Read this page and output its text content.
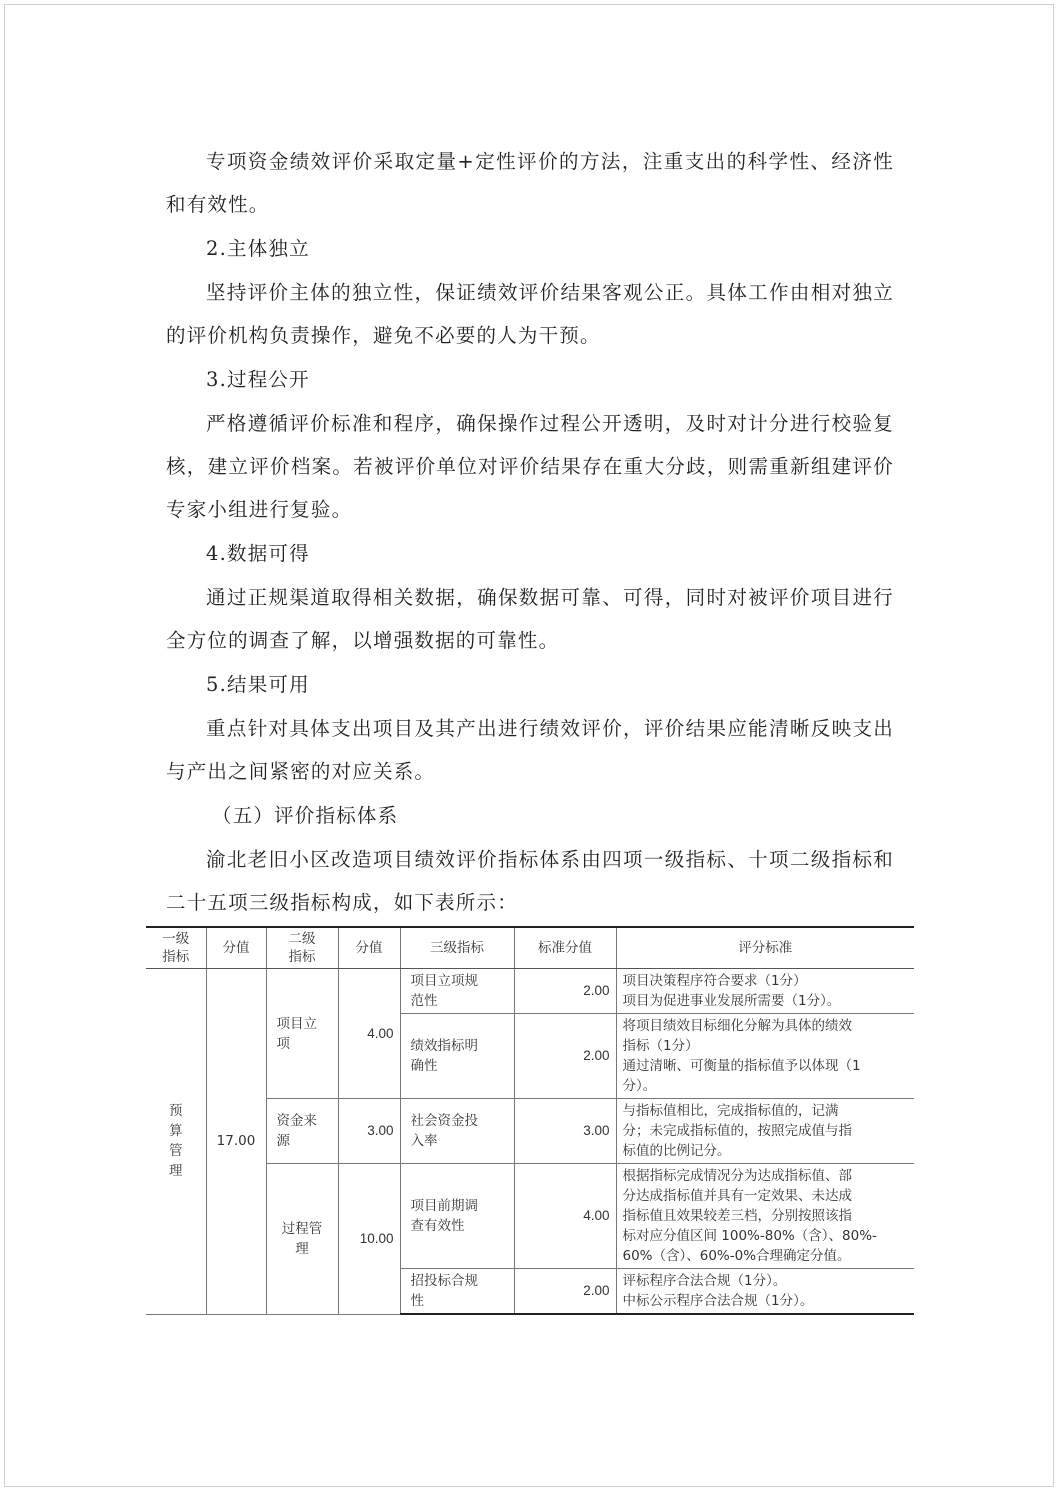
专项资金绩效评价采取定量+定性评价的方法，注重支出的科学性、经济性和有效性。

2.主体独立

坚持评价主体的独立性，保证绩效评价结果客观公正。具体工作由相对独立的评价机构负责操作，避免不必要的人为干预。

3.过程公开

严格遵循评价标准和程序，确保操作过程公开透明，及时对计分进行校验复核，建立评价档案。若被评价单位对评价结果存在重大分歧，则需重新组建评价专家小组进行复验。

4.数据可得

通过正规渠道取得相关数据，确保数据可靠、可得，同时对被评价项目进行全方位的调查了解，以增强数据的可靠性。

5.结果可用

重点针对具体支出项目及其产出进行绩效评价，评价结果应能清晰反映支出与产出之间紧密的对应关系。

（五）评价指标体系

渝北老旧小区改造项目绩效评价指标体系由四项一级指标、十项二级指标和二十五项三级指标构成，如下表所示：

一级
指标	分值	二级
指标	分值	三级指标	标准分值	评分标准

预
算
管
理	17.00	项目立
项	4.00	项目立项规
范性	2.00	项目决策程序符合要求（1分）
项目为促进事业发展所需要（1分）。

				绩效指标明
确性	2.00	将项目绩效目标细化分解为具体的绩效
指标（1分）
通过清晰、可衡量的指标值予以体现（1
分）。

		资金来
源	3.00	社会资金投
入率	3.00	与指标值相比，完成指标值的，记满
分；未完成指标值的，按照完成值与指
标值的比例记分。

		过程管
理	10.00	项目前期调
查有效性	4.00	根据指标完成情况分为达成指标值、部
分达成指标值并具有一定效果、未达成
指标值且效果较差三档，分别按照该指
标对应分值区间 100%-80%（含）、80%-
60%（含）、60%-0%合理确定分值。

				招投标合规
性	2.00	评标程序合法合规（1分）。
中标公示程序合法合规（1分）。
